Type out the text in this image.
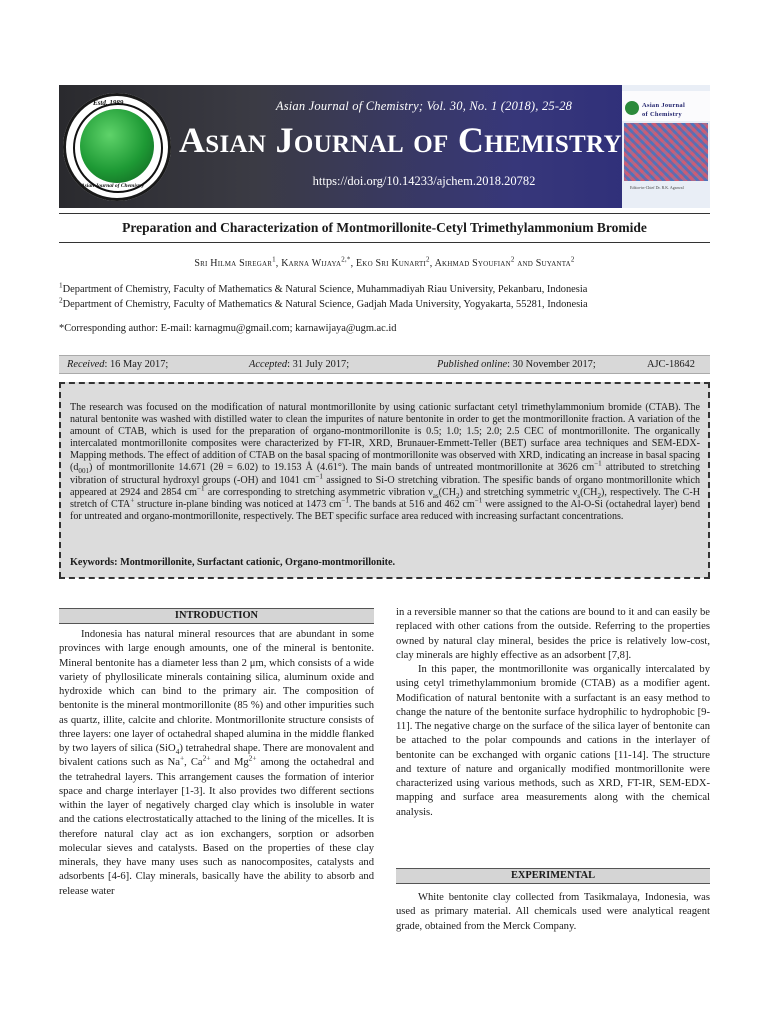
Estd. 1989
Asian Journal of Chemistry
Asian Journal of Chemistry; Vol. 30, No. 1 (2018), 25-28
Asian Journal of Chemistry
https://doi.org/10.14233/ajchem.2018.20782
Asian Journal
of Chemistry
Editor-in-Chief Dr. R.K. Agarwal
Preparation and Characterization of Montmorillonite-Cetyl Trimethylammonium Bromide
Sri Hilma Siregar$^1$, Karna Wijaya$^{2,*}$, Eko Sri Kunarti$^2$, Akhmad Syoufian$^2$ and Suyanta$^2$
$^1$Department of Chemistry, Faculty of Mathematics & Natural Science, Muhammadiyah Riau University, Pekanbaru, Indonesia
$^2$Department of Chemistry, Faculty of Mathematics & Natural Science, Gadjah Mada University, Yogyakarta, 55281, Indonesia
*Corresponding author: E-mail: karnagmu@gmail.com; karnawijaya@ugm.ac.id
Received: 16 May 2017;	Accepted: 31 July 2017;	Published online: 30 November 2017;	AJC-18642
The research was focused on the modification of natural montmorillonite by using cationic surfactant cetyl trimethylammonium bromide (CTAB). The natural bentonite was washed with distilled water to clean the impurites of nature bentonite in order to get the montmorillonite fraction. A variation of the amount of CTAB, which is used for the preparation of organo-montmorillonite is 0.5; 1.0; 1.5; 2.0; 2.5 CEC of montmorillonite. The organically intercalated montmorillonite composites were characterized by FT-IR, XRD, Brunauer-Emmett-Teller (BET) surface area techniques and SEM-EDX-Mapping methods. The effect of addition of CTAB on the basal spacing of montmorillonite was observed with XRD, indicating an increase in basal spacing $(d_{001})$ of montmorillonite 14.671 (2θ = 6.02) to 19.153 Å (4.61°). The main bands of untreated montmorillonite at 3626 $cm^{-1}$ attributed to stretching vibration of structural hydroxyl groups (-OH) and 1041 $cm^{-1}$ assigned to Si-O stretching vibration. The spesific bands of organo montmorillonite which appeared at 2924 and 2854 $cm^{-1}$ are corresponding to stretching asymmetric vibration $\nu_{as}(CH_2)$ and stretching symmetric $\nu_s(CH_2)$, respectively. The C-H stretch of CTA+ structure in-plane binding was noticed at 1473 $cm^{-1}$. The bands at 516 and 462 $cm^{-1}$ were assigned to the Al-O-Si (octahedral layer) bend for untreated and organo-montmorillonite, respectively. The BET specific surface area reduced with increasing surfactant concentrations.
Keywords: Montmorillonite, Surfactant cationic, Organo-montmorillonite.
INTRODUCTION

Indonesia has natural mineral resources that are abundant in some provinces with large enough amounts, one of the mineral is bentonite. Mineral bentonite has a diameter less than 2 μm, which consists of a wide variety of phyllosilicate minerals containing silica, aluminum oxide and hydroxide which can bind to the primary air. The composition of bentonite is the mineral montmorillonite (85 %) and other impurities such as quartz, illite, calcite and chlorite. Montmorillonite structure consists of three layers: one layer of octahedral shaped alumina in the middle flanked by two layers of silica (SiO$_4$) tetrahedral shape. There are monovalent and bivalent cations such as Na+, $Ca^{2+}$ and $Mg^{2+}$ among the octahedral and the tetrahedral layers. This arrangement causes the formation of interior space and charge interlayer [1-3]. It also provides two different sections within the layer of negatively charged clay which is insoluble in water and the cations electrostatically attached to the lining of the micelles. It is therefore natural clay act as ion exchangers, sorption or adsorben molecular sieves and catalysts. Based on the properties of these clay minerals, they have many uses such as nanocomposites, catalysts and adsorbents [4-6]. Clay minerals, basically have the ability to absorb and release water

in a reversible manner so that the cations are bound to it and can easily be replaced with other cations from the outside. Referring to the properties owned by natural clay mineral, besides the price is relatively low-cost, clay minerals are highly effective as an adsorbent [7,8].

In this paper, the montmorillonite was organically intercalated by using cetyl trimethylammonium bromide (CTAB) as a modifier agent. Modification of natural bentonite with a surfactant is an easy method to change the nature of the bentonite surface hydrophilic to hydrophobic [9-11]. The negative charge on the surface of the silica layer of bentonite can be attached to the polar compounds and cations in the interlayer of bentonite can be exchanged with organic cations [11-14]. The structure and texture of nature and organically modified montmorillonite were characterized using various methods, such as XRD, FT-IR, SEM-EDX-mapping and surface area measurements along with the chemical analysis.

EXPERIMENTAL

White bentonite clay collected from Tasikmalaya, Indonesia, was used as primary material. All chemicals used were analytical reagent grade, obtained from the Merck Company.
